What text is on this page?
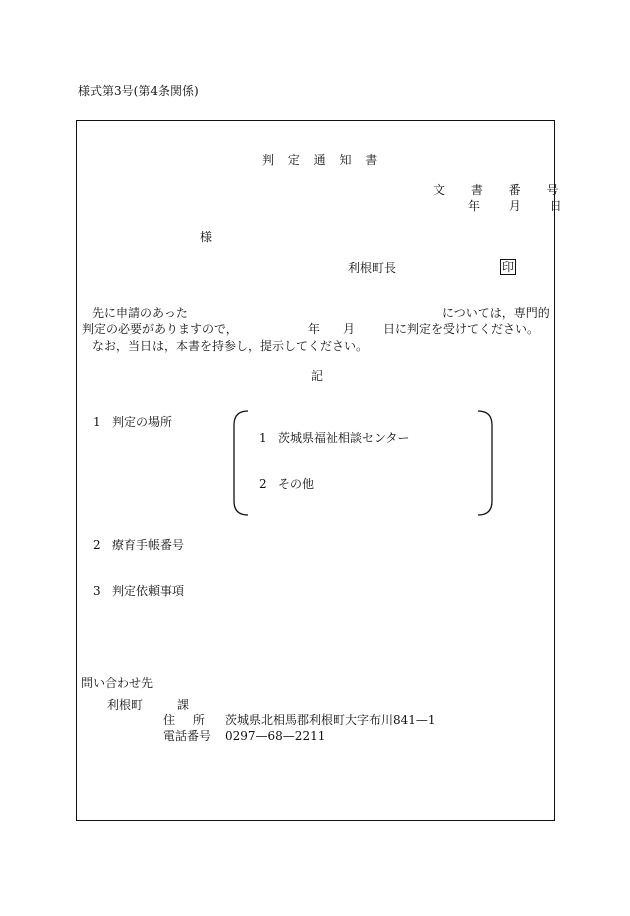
様式第3号(第4条関係)
判 定 通 知 書
文 書 番 号
年 月 日
様
利根町長	印
先に申請のあった	については，専門的
判定の必要がありますので，	年 月 日に判定を受けてください。
なお，当日は，本書を持参し，提示してください。
記
1 判定の場所
1 茨城県福祉相談センター
2 その他
2 療育手帳番号
3 判定依頼事項
問い合わせ先
利根町	課
住 所 茨城県北相馬郡利根町大字布川841—1
電話番号 0297—68—2211
